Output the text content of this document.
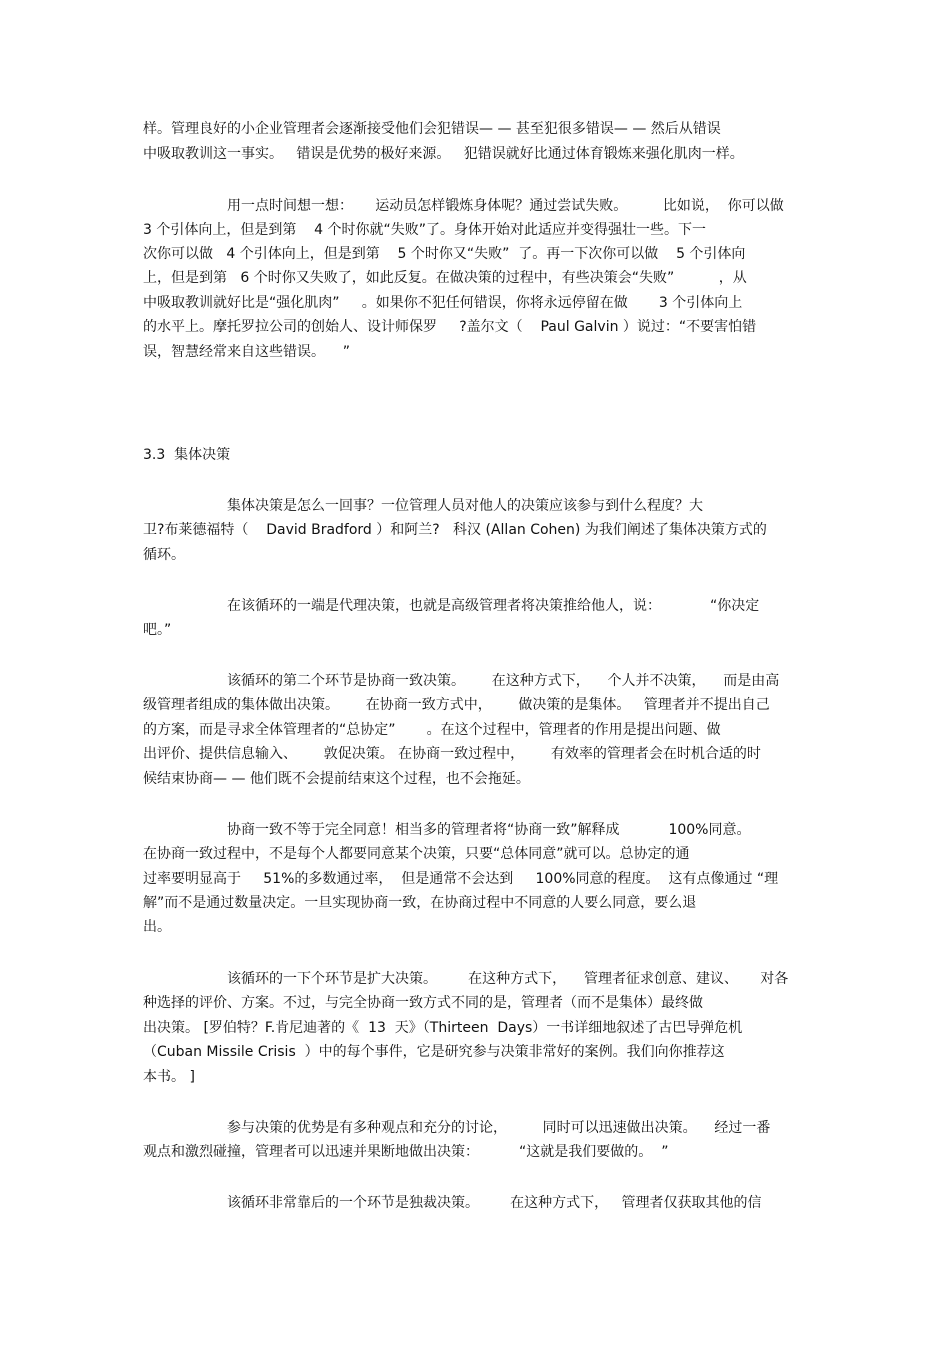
样。管理良好的小企业管理者会逐渐接受他们会犯错误— — 甚至犯很多错误— — 然后从错误
中吸取教训这一事实。   错误是优势的极好来源。   犯错误就好比通过体育锻炼来强化肌肉一样。
用一点时间想一想：     运动员怎样锻炼身体呢？通过尝试失败。        比如说，  你可以做
3 个引体向上，但是到第    4 个时你就“失败”了。身体开始对此适应并变得强壮一些。下一
次你可以做   4 个引体向上，但是到第    5 个时你又“失败”  了。再一下次你可以做    5 个引体向
上，但是到第   6 个时你又失败了，如此反复。在做决策的过程中，有些决策会“失败”          ，从
中吸取教训就好比是“强化肌肉”     。如果你不犯任何错误，你将永远停留在做       3 个引体向上
的水平上。摩托罗拉公司的创始人、设计师保罗     ?盖尔文（    Paul Galvin ）说过：“不要害怕错
误，智慧经常来自这些错误。    ”
3.3  集体决策
集体决策是怎么一回事？一位管理人员对他人的决策应该参与到什么程度？大
卫?布莱德福特（    David Bradford ）和阿兰?   科汉 (Allan Cohen) 为我们阐述了集体决策方式的
循环。
在该循环的一端是代理决策，也就是高级管理者将决策推给他人，说：           “你决定
吧。”
该循环的第二个环节是协商一致决策。      在这种方式下，    个人并不决策，    而是由高
级管理者组成的集体做出决策。      在协商一致方式中，      做决策的是集体。   管理者并不提出自己
的方案，而是寻求全体管理者的“总协定”       。在这个过程中，管理者的作用是提出问题、做
出评价、提供信息输入、      敦促决策。 在协商一致过程中，      有效率的管理者会在时机合适的时
候结束协商— — 他们既不会提前结束这个过程，也不会拖延。
协商一致不等于完全同意！相当多的管理者将“协商一致”解释成           100%同意。
在协商一致过程中，不是每个人都要同意某个决策，只要“总体同意”就可以。总协定的通
过率要明显高于     51%的多数通过率，  但是通常不会达到     100%同意的程度。  这有点像通过 “理
解”而不是通过数量决定。一旦实现协商一致，在协商过程中不同意的人要么同意，要么退
出。
该循环的一下个环节是扩大决策。       在这种方式下，    管理者征求创意、建议、     对各
种选择的评价、方案。不过，与完全协商一致方式不同的是，管理者（而不是集体）最终做
出决策。 [罗伯特？F.肯尼迪著的《  13  天》（Thirteen  Days）一书详细地叙述了古巴导弹危机
（Cuban Missile Crisis  ）中的每个事件，它是研究参与决策非常好的案例。我们向你推荐这
本书。 ]
参与决策的优势是有多种观点和充分的讨论，        同时可以迅速做出决策。    经过一番
观点和激烈碰撞，管理者可以迅速并果断地做出决策：         “这就是我们要做的。  ”
该循环非常靠后的一个环节是独裁决策。       在这种方式下，   管理者仅获取其他的信
